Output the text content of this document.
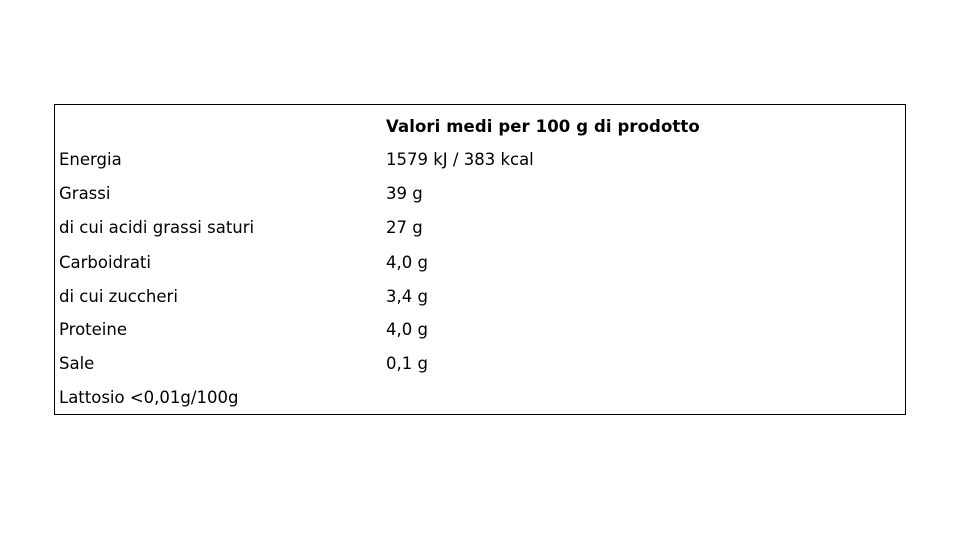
Valori medi per 100 g di prodotto
Energia	1579 kJ / 383 kcal
Grassi	39 g
di cui acidi grassi saturi	27 g
Carboidrati	4,0 g
di cui zuccheri	3,4 g
Proteine	4,0 g
Sale	0,1 g
Lattosio <0,01g/100g
